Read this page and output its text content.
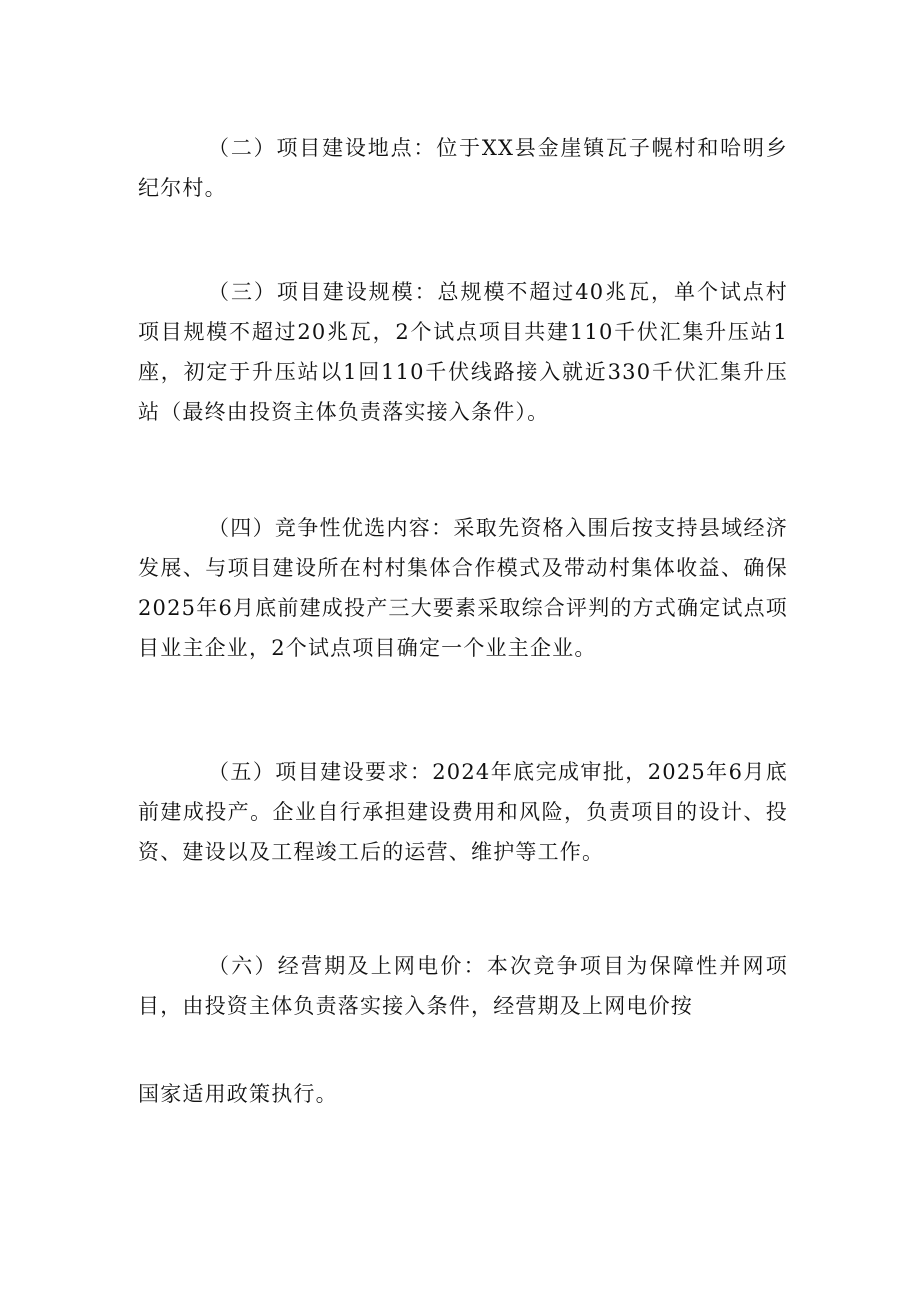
（二）项目建设地点：位于XX县金崖镇瓦子幌村和哈明乡纪尔村。

（三）项目建设规模：总规模不超过40兆瓦，单个试点村项目规模不超过20兆瓦，2个试点项目共建110千伏汇集升压站1座，初定于升压站以1回110千伏线路接入就近330千伏汇集升压站（最终由投资主体负责落实接入条件）。

（四）竞争性优选内容：采取先资格入围后按支持县域经济发展、与项目建设所在村村集体合作模式及带动村集体收益、确保2025年6月底前建成投产三大要素采取综合评判的方式确定试点项目业主企业，2个试点项目确定一个业主企业。

（五）项目建设要求：2024年底完成审批，2025年6月底前建成投产。企业自行承担建设费用和风险，负责项目的设计、投资、建设以及工程竣工后的运营、维护等工作。

（六）经营期及上网电价：本次竞争项目为保障性并网项目，由投资主体负责落实接入条件，经营期及上网电价按

国家适用政策执行。
